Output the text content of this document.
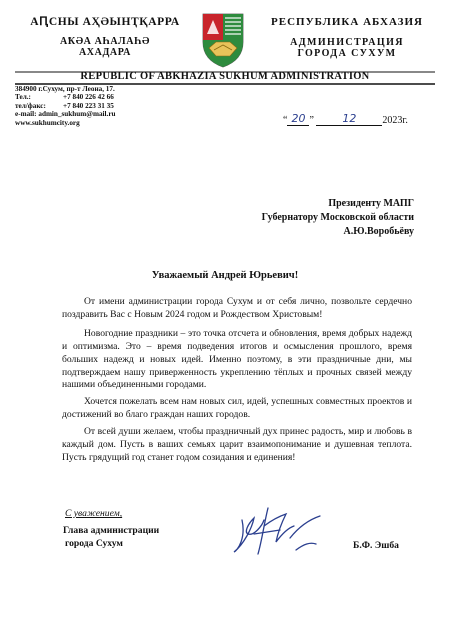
АԤСНЫ АҲӘЫНҬҚАРРА
АҞӘА АҺАЛАҺӘ
АХАДАРА
РЕСПУБЛИКА АБХАЗИЯ
АДМИНИСТРАЦИЯ
ГОРОДА СУХУМ
REPUBLIC OF ABKHAZIA SUKHUM ADMINISTRATION
384900 г.Сухум, пр-т Леона, 17.
Тел.:	+7 840 226 42 66
тел/факс: +7 840 223 31 35
e-mail: admin_sukhum@mail.ru
www.sukhumcity.org	“ 20 ”	12	2023г.
Президенту МАПГ
Губернатору Московской области
А.Ю.Воробьёву
Уважаемый Андрей Юрьевич!

От имени администрации города Сухум и от себя лично, позвольте сердечно поздравить Вас с Новым 2024 годом и Рождеством Христовым!

Новогодние праздники – это точка отсчета и обновления, время добрых надежд и оптимизма. Это – время подведения итогов и осмысления прошлого, время больших надежд и новых идей. Именно поэтому, в эти праздничные дни, мы подтверждаем нашу приверженность укреплению тёплых и прочных связей между нашими объединенными городами.

Хочется пожелать всем нам новых сил, идей, успешных совместных проектов и достижений во благо граждан наших городов.

От всей души желаем, чтобы праздничный дух принес радость, мир и любовь в каждый дом. Пусть в ваших семьях царит взаимопонимание и душевная теплота. Пусть грядущий год станет годом созидания и единения!

С уважением,
Глава администрации
города Сухум	Б.Ф. Эшба
